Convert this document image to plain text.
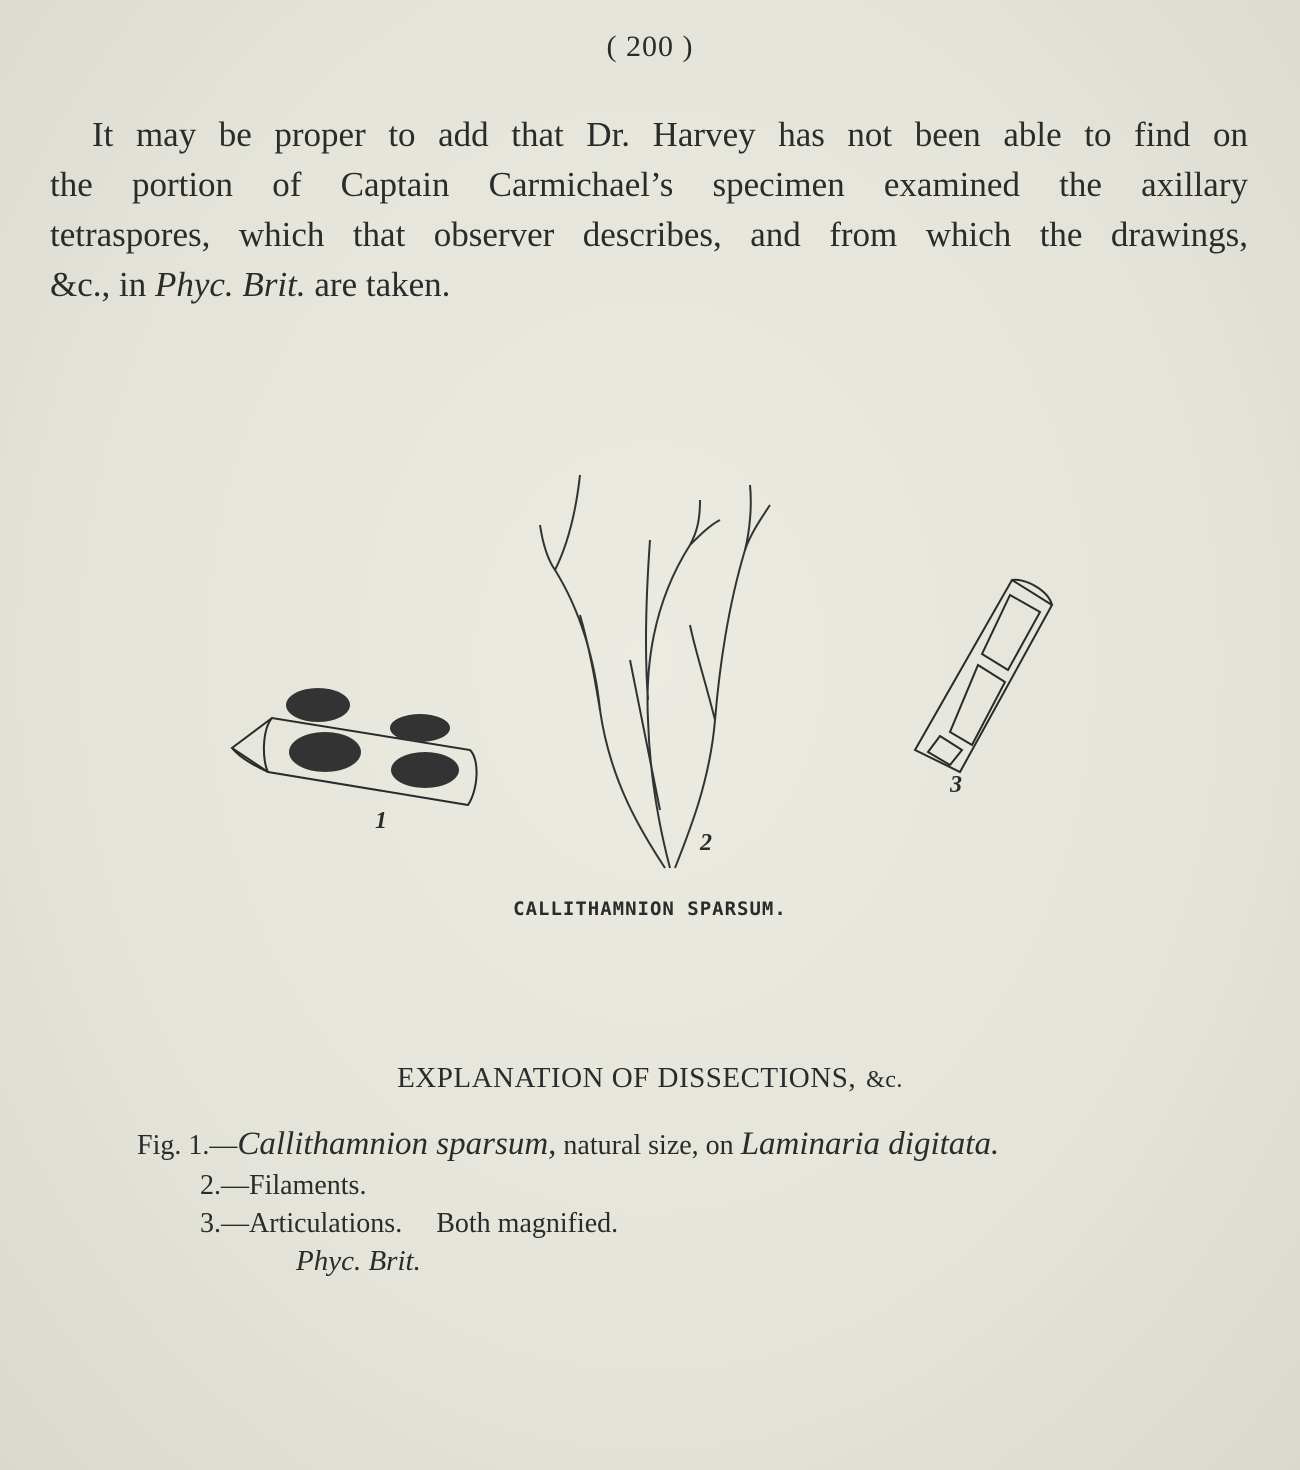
( 200 )

It may be proper to add that Dr. Harvey has not been able to find on
the portion of Captain Carmichael’s specimen examined the axillary
tetraspores, which that observer describes, and from which the drawings,
&c., in Phyc. Brit. are taken.

1
2
3
CALLITHAMNION SPARSUM.
EXPLANATION OF DISSECTIONS, &c.
Fig. 1.—Callithamnion sparsum, natural size, on Laminaria digitata.
2.—Filaments.
3.—Articulations. Both magnified.
Phyc. Brit.
